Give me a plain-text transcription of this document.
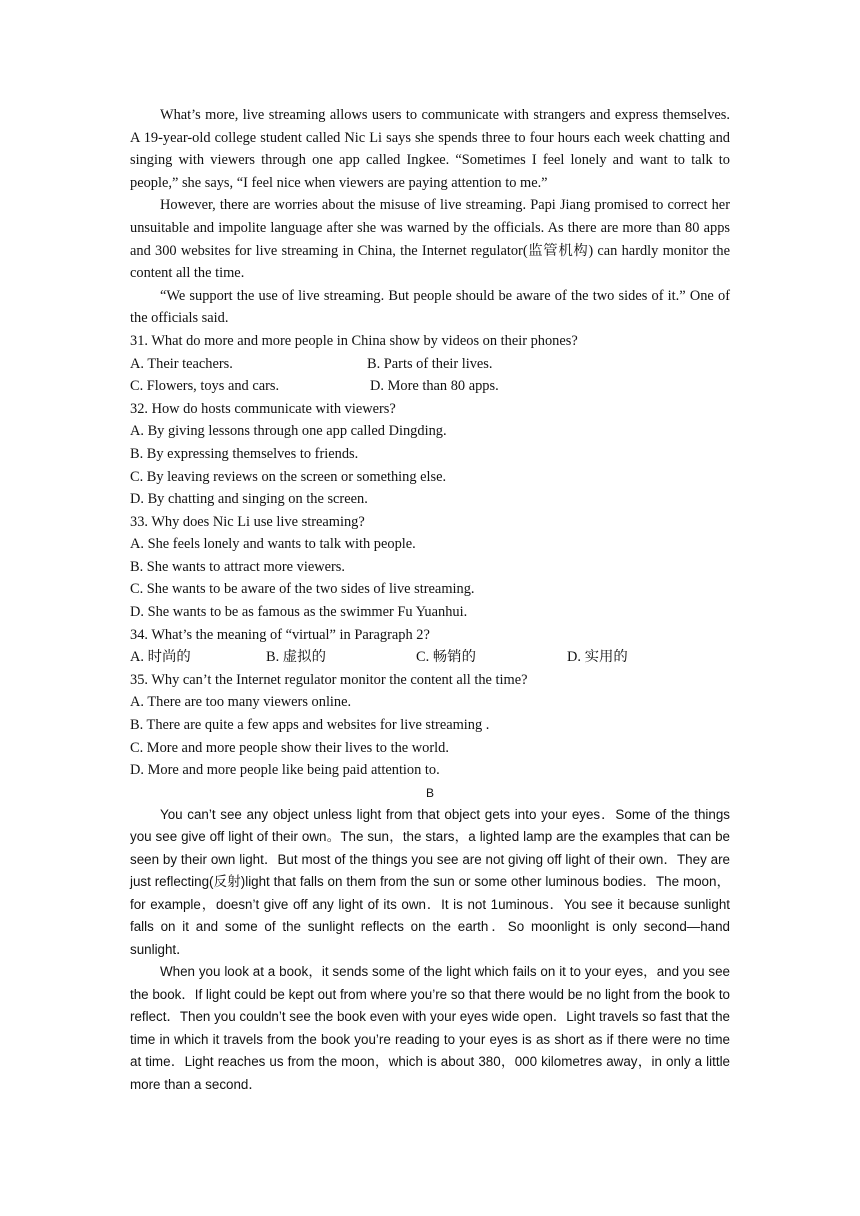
What’s more, live streaming allows users to communicate with strangers and express themselves. A 19-year-old college student called Nic Li says she spends three to four hours each week chatting and singing with viewers through one app called Ingkee. “Sometimes I feel lonely and want to talk to people,” she says, “I feel nice when viewers are paying attention to me.”

However, there are worries about the misuse of live streaming. Papi Jiang promised to correct her unsuitable and impolite language after she was warned by the officials. As there are more than 80 apps and 300 websites for live streaming in China, the Internet regulator(监管机构) can hardly monitor the content all the time.

“We support the use of live streaming. But people should be aware of the two sides of it.” One of the officials said.

31. What do more and more people in China show by videos on their phones?
A. Their teachers.	B. Parts of their lives.
C. Flowers, toys and cars.	D. More than 80 apps.
32. How do hosts communicate with viewers?
A. By giving lessons through one app called Dingding.
B. By expressing themselves to friends.
C. By leaving reviews on the screen or something else.
D. By chatting and singing on the screen.
33. Why does Nic Li use live streaming?
A. She feels lonely and wants to talk with people.
B. She wants to attract more viewers.
C. She wants to be aware of the two sides of live streaming.
D. She wants to be as famous as the swimmer Fu Yuanhui.
34. What’s the meaning of “virtual” in Paragraph 2?
A. 时尚的	B. 虚拟的	C. 畅销的	D. 实用的
35. Why can’t the Internet regulator monitor the content all the time?
A. There are too many viewers online.
B. There are quite a few apps and websites for live streaming .
C. More and more people show their lives to the world.
D. More and more people like being paid attention to.
B

You can’t see any object unless light from that object gets into your eyes．Some of the things you see give off light of their own。The sun，the stars，a lighted lamp are the examples that can be seen by their own light．But most of the things you see are not giving off light of their own．They are just reflecting(反射)light that falls on them from the sun or some other luminous bodies．The moon，for example，doesn’t give off any light of its own．It is not 1uminous．You see it because sunlight falls on it and some of the sunlight reflects on the earth．So moonlight is only second—hand sunlight．

When you look at a book，it sends some of the light which fails on it to your eyes，and you see the book．If light could be kept out from where you’re so that there would be no light from the book to reflect．Then you couldn’t see the book even with your eyes wide open．Light travels so fast that the time in which it travels from the book you’re reading to your eyes is as short as if there were no time at time．Light reaches us from the moon，which is about 380，000 kilometres away，in only a little more than a second．
